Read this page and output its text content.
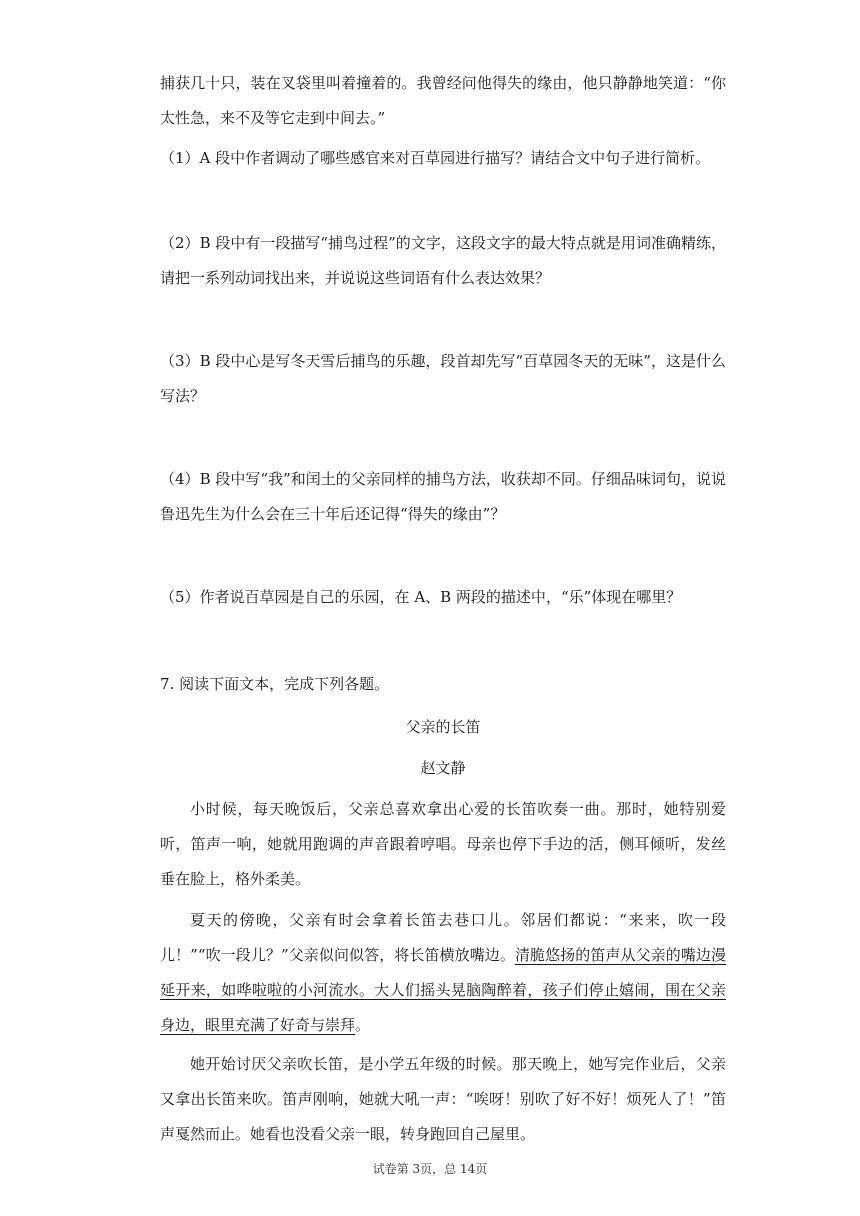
捕获几十只，装在叉袋里叫着撞着的。我曾经问他得失的缘由，他只静静地笑道：“你太性急，来不及等它走到中间去。”

（1）A 段中作者调动了哪些感官来对百草园进行描写？请结合文中句子进行简析。

（2）B 段中有一段描写“捕鸟过程”的文字，这段文字的最大特点就是用词准确精练，请把一系列动词找出来，并说说这些词语有什么表达效果？

（3）B 段中心是写冬天雪后捕鸟的乐趣，段首却先写“百草园冬天的无味”，这是什么写法？

（4）B 段中写“我”和闰土的父亲同样的捕鸟方法，收获却不同。仔细品味词句，说说鲁迅先生为什么会在三十年后还记得“得失的缘由”？

（5）作者说百草园是自己的乐园，在 A、B 两段的描述中，“乐”体现在哪里？

7. 阅读下面文本，完成下列各题。

父亲的长笛

赵文静

小时候，每天晚饭后，父亲总喜欢拿出心爱的长笛吹奏一曲。那时，她特别爱听，笛声一响，她就用跑调的声音跟着哼唱。母亲也停下手边的活，侧耳倾听，发丝垂在脸上，格外柔美。

夏天的傍晚，父亲有时会拿着长笛去巷口儿。邻居们都说：“来来，吹一段儿！”“吹一段儿？”父亲似问似答，将长笛横放嘴边。清脆悠扬的笛声从父亲的嘴边漫延开来，如哗啦啦的小河流水。大人们摇头晃脑陶醉着，孩子们停止嬉闹，围在父亲身边，眼里充满了好奇与崇拜。

她开始讨厌父亲吹长笛，是小学五年级的时候。那天晚上，她写完作业后，父亲又拿出长笛来吹。笛声刚响，她就大吼一声：“唉呀！别吹了好不好！烦死人了！”笛声戛然而止。她看也没看父亲一眼，转身跑回自己屋里。

试卷第 3页，总 14页
